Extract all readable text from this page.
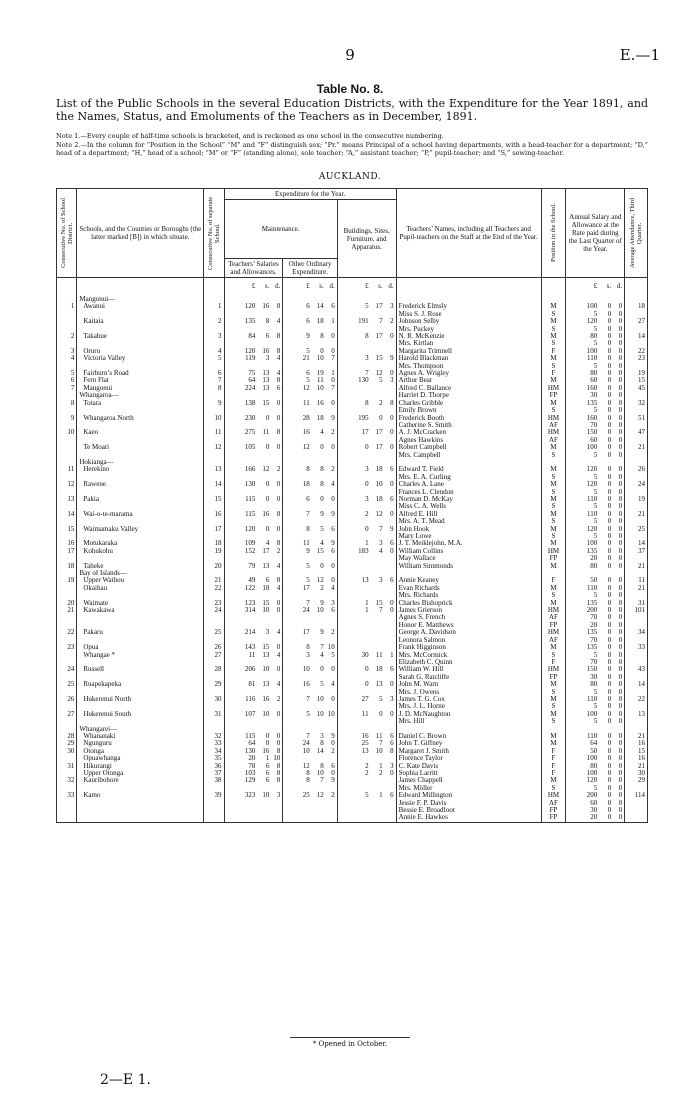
9	E.—1
Table No. 8.
List of the Public Schools in the several Education Districts, with the Expenditure for the Year 1891, and the Names, Status, and Emoluments of the Teachers as in December, 1891.
Note 1.—Every couple of half-time schools is bracketed, and is reckoned as one school in the consecutive numbering.
Note 2.—In the column for “Position in the School” “M” and “F” distinguish sex; “Pr.” means Principal of a school having departments, with a head-teacher for a department; “D,” head of a department; “H,” head of a school; “M” or “F” (standing alone), sole teacher; “A,” assistant teacher; “P,” pupil-teacher; and “S,” sewing-teacher.
AUCKLAND.
Consecutive No. of School District.	Schools, and the Counties or Boroughs (the latter marked [B]) in which situate.	Consecutive No. of separate School.	Expenditure for the Year.			Teachers’ Names, including all Teachers and Pupil-teachers on the Staff at the End of the Year.	Position in the School.	Annual Salary and Allowance at the Rate paid during the Last Quarter of the Year.	Average Attendance, Third Quarter.

			Maintenance.		Buildings, Sites, Furniture, and Apparatus.				
			Teachers’ Salaries and Allowances.	Other Ordinary Expenditure.					

			£ s. d.	£ s. d.	£ s. d.			£ s. d.	

	Mangonui—		

1	Awanui	1	120 16 8	6 14 6	5 17 3	Frederick Elmsly	M	100 0 0	18

	Miss S. J. Rose	S	5 0 0	

	Kaitaia	2	135 8 4	6 18 1	191 7 2	Johnson Selby	M	120 0 0	27

	Mrs. Puckey	S	5 0 0	

2	Takahue	3	84 6 8	9 8 0	8 17 0	N. R. McKenzie	M	80 0 0	14

	Mrs. Kirtlan	S	5 0 0	

3	Oruru	4	120 16 8	5 0 0		Margarita Trimnell	F	100 0 0	22
4	Victoria Valley	5	119 3 4	21 10 7	3 15 9	Harold Blackman	M	110 0 0	23

	Mrs. Thompson	S	5 0 0	

5	Fairburn’s Road	6	75 13 4	6 19 1	7 12 0	Agnes A. Wrigley	F	80 0 0	19
6	Fern Flat	7	64 13 8	5 11 0	130 5 3	Arthur Bear	M	60 0 0	15
7	Mangonui	8	224 13 6	12 10 7		Alfred C. Ballance	HM	160 0 0	45
	Whangaroa—					Harriet D. Thorpe	FP	30 0 0	

8	Totara	9	138 15 0	11 16 0	8 2 8	Charles Gribble	M	135 0 0	32

	Emily Brown	S	5 0 0	

9	Whangaroa North	10	230 0 0	28 18 9	195 0 0	Frederick Booth	HM	160 0 0	51

	Catherine S. Smith	AF	70 0 0	

10	Kaeo	11	275 11 8	16 4 2	17 17 0	A. J. McCracken	HM	150 0 0	47

	Agnes Hawkins	AF	60 0 0	

	Te Moari	12	105 0 0	12 0 0	0 17 0	Robert Campbell	M	100 0 0	21

	Mrs. Campbell	S	5 0 0	

	Hokianga—		

11	Herekino	13	166 12 2	8 8 2	3 18 6	Edward T. Field	M	120 0 0	26

	Mrs. E. A. Curling	S	5 0 0	

12	Rawene	14	130 0 0	18 8 4	0 10 0	Charles A. Lane	M	120 0 0	24

	Frances L. Clendon	S	5 0 0	

13	Pakia	15	115 0 0	6 0 0	3 18 6	Norman D. McKay	M	110 0 0	19

	Miss C. A. Wells	S	5 0 0	

14	Wai-o-te-marama	16	115 16 8	7 9 9	2 12 0	Alfred E. Hill	M	110 0 0	21

	Mrs. A. T. Mead	S	5 0 0	

15	Waimamaku Valley	17	120 0 0	8 5 6	0 7 9	John Hook	M	120 0 0	25

	Mary Lowe	S	5 0 0	

16	Motukaraka	18	109 4 8	11 4 9	1 3 6	J. T. Meiklejohn, M.A.	M	100 0 0	14
17	Kohukohu	19	152 17 2	9 15 6	183 4 0	William Collins	HM	135 0 0	37

	May Wallace	FP	20 0 0	

18	Taheke	20	79 13 4	5 0 0		William Simmonds	M	80 0 0	21
	Bay of Islands—		

19	Upper Waihou	21	49 6 8	5 12 0	13 3 6	Annie Keaney	F	50 0 0	11
	Okaihau	22	122 18 4	17 2 4		Evan Richards	M	110 0 0	21

	Mrs. Richards	S	5 0 0	

20	Waimate	23	123 15 0	7 9 3	1 15 0	Charles Bishoprick	M	135 0 0	31
21	Kawakawa	24	314 10 0	24 10 6	1 7 0	James Grierson	HM	200 0 0	101

	Agnes S. French	AF	70 0 0	

	Honor E. Matthews	FP	20 0 0	

22	Pakaru	25	214 3 4	17 9 2		George A. Davidson	HM	135 0 0	34

	Leonora Salmon	AF	70 0 0	

23	Opua	26	143 15 0	8 7 10		Frank Higginson	M	135 0 0	33
	Whangae *	27	11 13 4	3 4 5	30 11 1	Mrs. McCormick	S	5 0 0	

	Elizabeth C. Quinn	F	70 0 0	

24	Russell	28	206 10 0	10 0 0	0 18 6	William W. Hill	HM	150 0 0	43

	Sarah G. Ratcliffe	FP	30 0 0	

25	Ruapekapeka	29	81 13 4	16 5 4	0 13 0	John M. Warn	M	80 0 0	14

	Mrs. J. Owens	S	5 0 0	

26	Hukerenui North	30	116 16 2	7 10 0	27 5 3	James T. G. Cox	M	110 0 0	22

	Mrs. J. L. Horne	S	5 0 0	

27	Hukerenui South	31	107 10 0	5 10 10	11 0 0	J. D. McNaughton	M	100 0 0	13

	Mrs. Hill	S	5 0 0	

	Whangarei—		

28	Whananaki	32	115 0 0	7 3 9	16 11 6	Daniel C. Brown	M	110 0 0	21
29	Ngunguru	33	64 0 0	24 8 0	25 7 6	John T. Giffney	M	64 0 0	16
30	Otonga	34	130 16 8	10 14 2	13 10 8	Margaret J. Smith	F	50 0 0	15
	Opuawhanga	35	20 1 10			Florence Taylor	F	100 0 0	16
31	Hikurangi	36	78 6 8	12 8 6	2 1 3	C. Kate Davis	F	80 0 0	21
	Upper Otonga	37	103 6 8	8 10 0	2 2 0	Sophia Larritt	F	100 0 0	30
32	Kauribohore	38	129 6 8	8 7 9		James Chappell	M	120 0 0	29

	Mrs. Möller	S	5 0 0	

33	Kamo	39	323 10 3	25 12 2	5 1 6	Edward Millington	HM	200 0 0	114

	Jessie F. P. Davis	AF	60 0 0	

	Bessie E. Broadfoot	FP	30 0 0	

	Annie E. Hawkes	FP	20 0 0	

* Opened in October.
2—E 1.
